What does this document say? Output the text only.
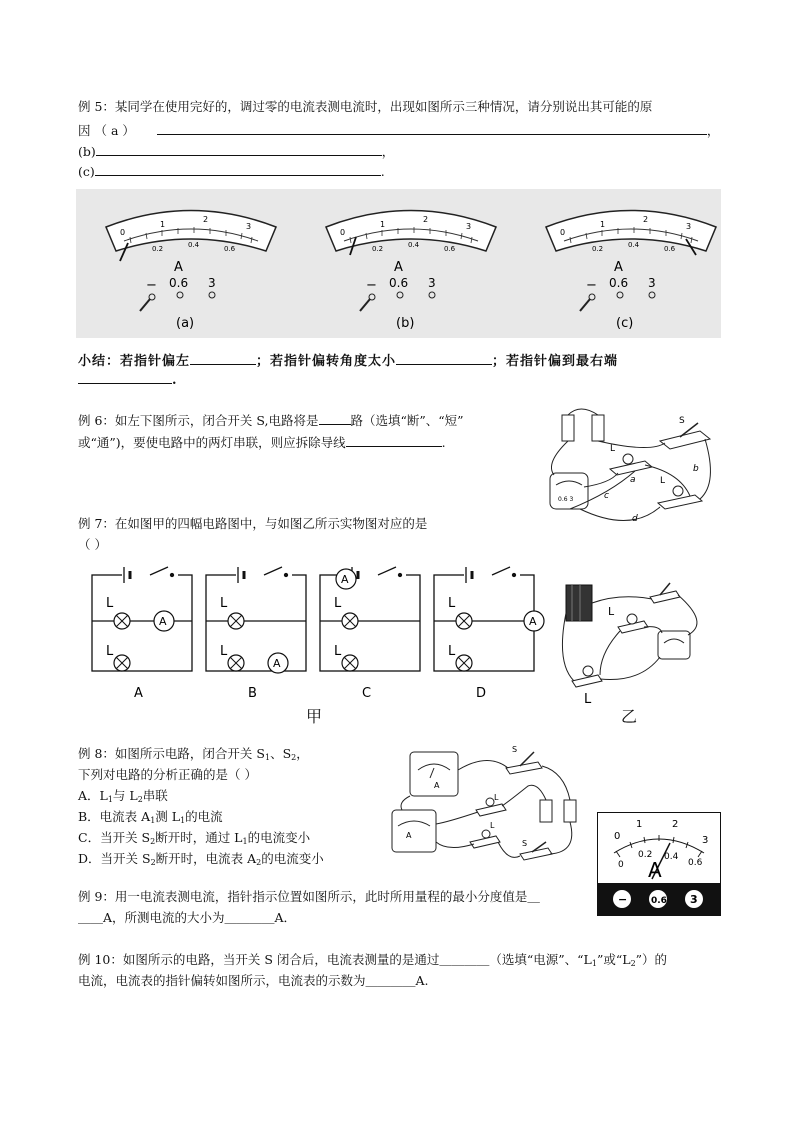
例 5：某同学在使用完好的，调过零的电流表测电流时，出现如图所示三种情况，请分别说出其可能的原
因 （ a ）	，
(b)	，
(c)	.
0
1
2
3
0.2	0.4	0.6
A
− 0.6 3
(a)
0
1
2
3
0.2	0.4	0.6
A
− 0.6 3
(b)
0
1
2
3
0.2	0.4	0.6
A
− 0.6 3
(c)
小结：若指针偏左	；若指针偏转角度太小	；若指针偏到最右端
.
例 6：如左下图所示，闭合开关 S,电路将是	路（选填“断”、“短”
或“通”)，要使电路中的两灯串联，则应拆除导线	.
S
L
L
0.6 3
a
b
c
d
例 7：在如图甲的四幅电路图中，与如图乙所示实物图对应的是
（ ）
A
A
A
A
L
L
L
L
L
L
L
L
A	B	C	D
甲
L
L
乙
例 8：如图所示电路，闭合开关 $S_1$、$S_2$，
下列对电路的分析正确的是（ ）
A．$L_1$与 $L_2$串联
B．电流表 $A_1$测 $L_1$的电流
C．当开关 $S_2$断开时，通过 $L_1$的电流变小
D．当开关 $S_2$断开时，电流表 $A_2$的电流变小
A
A
S
L
L
S
0
1	2
3
0
0.2 0.4
0.6
A
−	0.6 3
例 9：用一电流表测电流，指针指示位置如图所示，此时所用量程的最小分度值是＿
＿＿A，所测电流的大小为＿＿＿＿A．
例 10：如图所示的电路，当开关 S 闭合后，电流表测量的是通过＿＿＿＿（选填“电源”、“$L_1$”或“$L_2$”）的
电流，电流表的指针偏转如图所示，电流表的示数为＿＿＿＿A.
